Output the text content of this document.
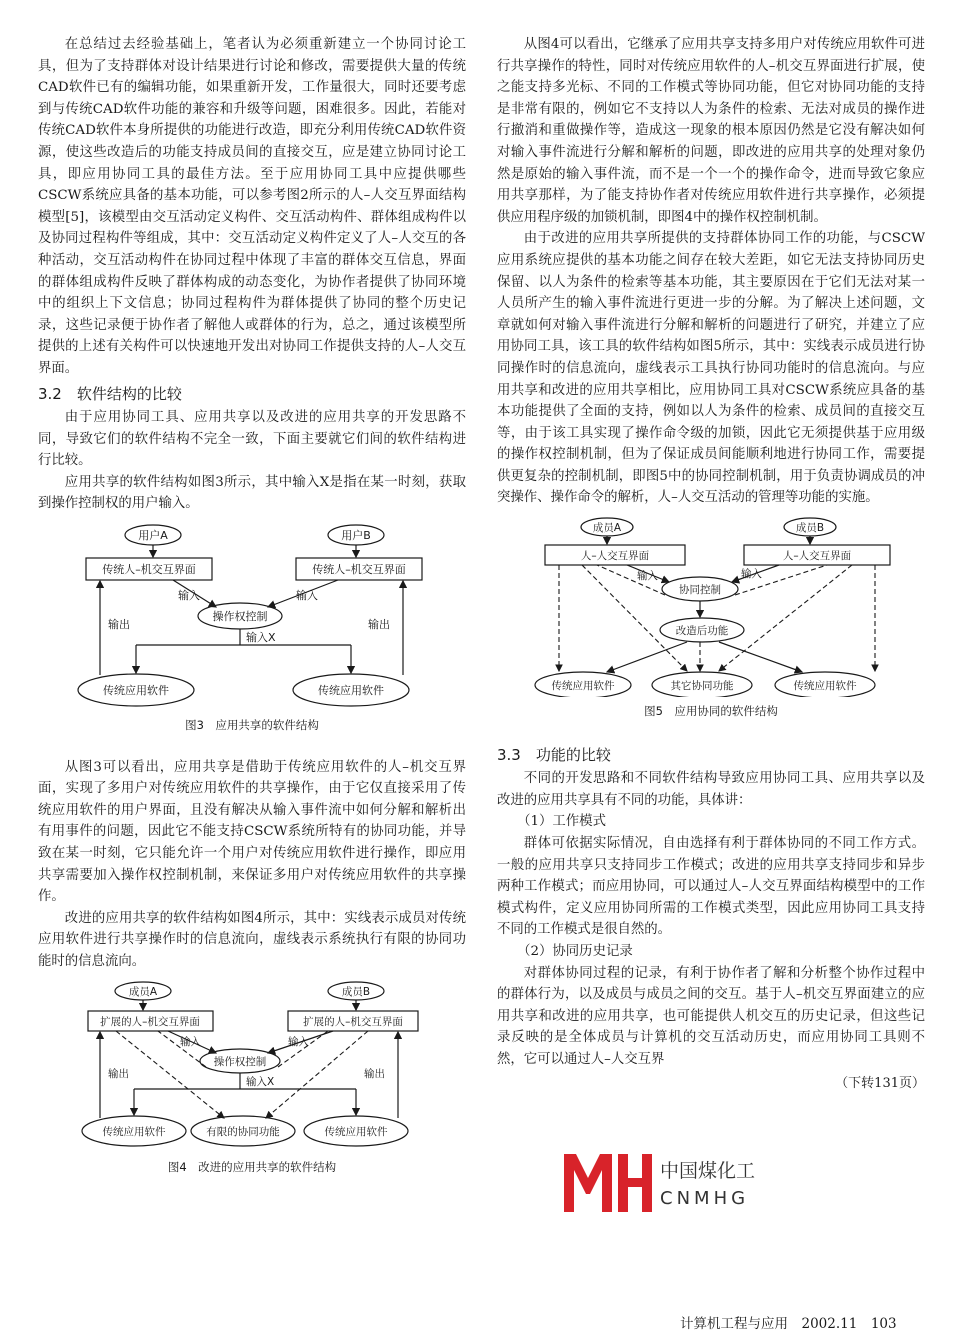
在总结过去经验基础上，笔者认为必须重新建立一个协同讨论工具，但为了支持群体对设计结果进行讨论和修改，需要提供大量的传统CAD软件已有的编辑功能，如果重新开发，工作量很大，同时还要考虑到与传统CAD软件功能的兼容和升级等问题，困难很多。因此，若能对传统CAD软件本身所提供的功能进行改造，即充分利用传统CAD软件资源，使这些改造后的功能支持成员间的直接交互，应是建立协同讨论工具，即应用协同工具的最佳方法。至于应用协同工具中应提供哪些CSCW系统应具备的基本功能，可以参考图2所示的人–人交互界面结构模型[5]，该模型由交互活动定义构件、交互活动构件、群体组成构件以及协同过程构件等组成，其中：交互活动定义构件定义了人–人交互的各种活动，交互活动构件在协同过程中体现了丰富的群体交互信息，界面的群体组成构件反映了群体构成的动态变化，为协作者提供了协同环境中的组织上下文信息；协同过程构件为群体提供了协同的整个历史记录，这些记录便于协作者了解他人或群体的行为，总之，通过该模型所提供的上述有关构件可以快速地开发出对协同工作提供支持的人–人交互界面。

3.2　软件结构的比较

由于应用协同工具、应用共享以及改进的应用共享的开发思路不同，导致它们的软件结构不完全一致，下面主要就它们间的软件结构进行比较。

应用共享的软件结构如图3所示，其中输入X是指在某一时刻，获取到操作控制权的用户输入。

用户A	用户B
传统人–机交互界面	传统人–机交互界面
操作权控制
输入	输入
输入X
输出	输出
传统应用软件	传统应用软件
图3　应用共享的软件结构

从图3可以看出，应用共享是借助于传统应用软件的人–机交互界面，实现了多用户对传统应用软件的共享操作，由于它仅直接采用了传统应用软件的用户界面，且没有解决从输入事件流中如何分解和解析出有用事件的问题，因此它不能支持CSCW系统所特有的协同功能，并导致在某一时刻，它只能允许一个用户对传统应用软件进行操作，即应用共享需要加入操作权控制机制，来保证多用户对传统应用软件的共享操作。

改进的应用共享的软件结构如图4所示，其中：实线表示成员对传统应用软件进行共享操作时的信息流向，虚线表示系统执行有限的协同功能时的信息流向。

成员A	成员B
扩展的人–机交互界面	扩展的人–机交互界面
操作权控制
输入	输入
输入X
输出	输出
传统应用软件	有限的协同功能	传统应用软件
图4　改进的应用共享的软件结构

从图4可以看出，它继承了应用共享支持多用户对传统应用软件可进行共享操作的特性，同时对传统应用软件的人–机交互界面进行扩展，使之能支持多光标、不同的工作模式等协同功能，但它对协同功能的支持是非常有限的，例如它不支持以人为条件的检索、无法对成员的操作进行撤消和重做操作等，造成这一现象的根本原因仍然是它没有解决如何对输入事件流进行分解和解析的问题，即改进的应用共享的处理对象仍然是原始的输入事件流，而不是一个一个的操作命令，进而导致它象应用共享那样，为了能支持协作者对传统应用软件进行共享操作，必须提供应用程序级的加锁机制，即图4中的操作权控制机制。

由于改进的应用共享所提供的支持群体协同工作的功能，与CSCW应用系统应提供的基本功能之间存在较大差距，如它无法支持协同历史保留、以人为条件的检索等基本功能，其主要原因在于它们无法对某一人员所产生的输入事件流进行更进一步的分解。为了解决上述问题，文章就如何对输入事件流进行分解和解析的问题进行了研究，并建立了应用协同工具，该工具的软件结构如图5所示，其中：实线表示成员进行协同操作时的信息流向，虚线表示工具执行协同功能时的信息流向。与应用共享和改进的应用共享相比，应用协同工具对CSCW系统应具备的基本功能提供了全面的支持，例如以人为条件的检索、成员间的直接交互等，由于该工具实现了操作命令级的加锁，因此它无须提供基于应用级的操作权控制机制，但为了保证成员间能顺利地进行协同工作，需要提供更复杂的控制机制，即图5中的协同控制机制，用于负责协调成员的冲突操作、操作命令的解析，人–人交互活动的管理等功能的实施。

成员A	成员B
人–人交互界面	人–人交互界面
输入	输入
协同控制
改造后功能
传统应用软件	其它协同功能	传统应用软件
图5　应用协同的软件结构
3.3　功能的比较

不同的开发思路和不同软件结构导致应用协同工具、应用共享以及改进的应用共享具有不同的功能，具体讲：

（1）工作模式

群体可依据实际情况，自由选择有利于群体协同的不同工作方式。一般的应用共享只支持同步工作模式；改进的应用共享支持同步和异步两种工作模式；而应用协同，可以通过人–人交互界面结构模型中的工作模式构件，定义应用协同所需的工作模式类型，因此应用协同工具支持不同的工作模式是很自然的。

（2）协同历史记录

对群体协同过程的记录，有利于协作者了解和分析整个协作过程中的群体行为，以及成员与成员之间的交互。基于人–机交互界面建立的应用共享和改进的应用共享，也可能提供人机交互的历史记录，但这些记录反映的是全体成员与计算机的交互活动历史，而应用协同工具则不然，它可以通过人–人交互界

（下转131页）
中国煤化工
CNMHG
计算机工程与应用　2002.11　103
